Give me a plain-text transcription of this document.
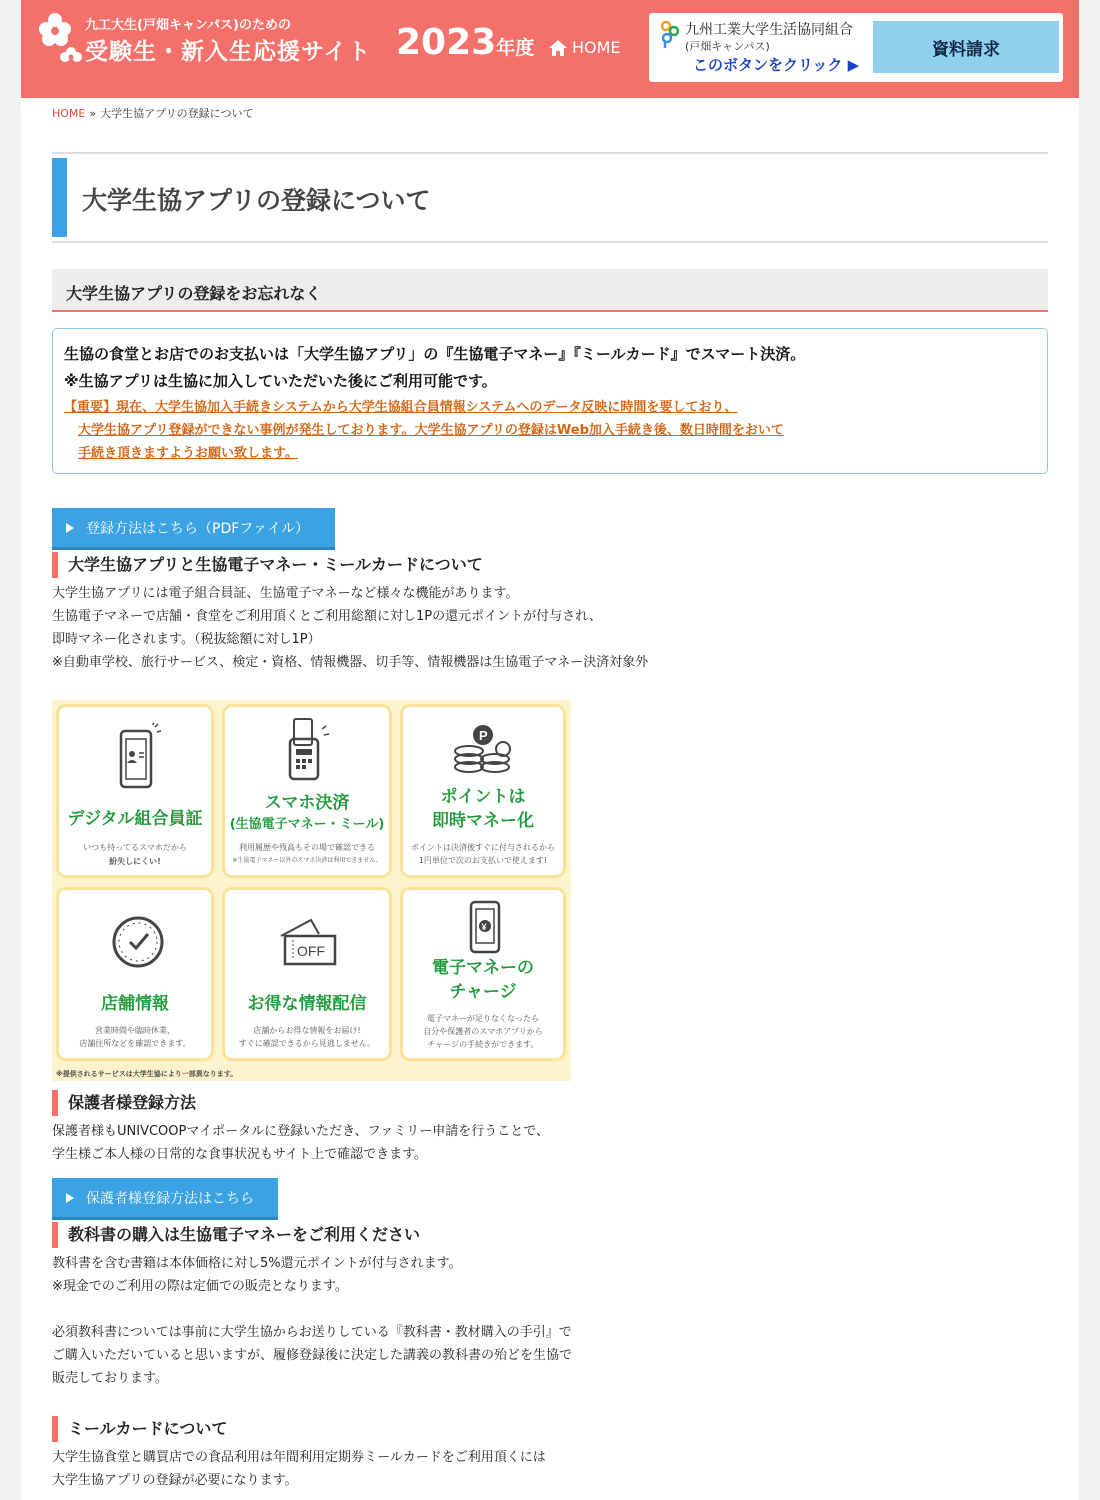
九工大生(戸畑キャンパス)のための
受験生・新入生応援サイト 2023年度 HOME
九州工業大学生活協同組合
(戸畑キャンパス)
このボタンをクリック ▶
資料請求
HOME » 大学生協アプリの登録について
大学生協アプリの登録について
大学生協アプリの登録をお忘れなく
生協の食堂とお店でのお支払いは「大学生協アプリ」の『生協電子マネー』『ミールカード』でスマート決済。
※生協アプリは生協に加入していただいた後にご利用可能です。
【重要】現在、大学生協加入手続きシステムから大学生協組合員情報システムへのデータ反映に時間を要しており、
大学生協アプリ登録ができない事例が発生しております。大学生協アプリの登録はWeb加入手続き後、数日時間をおいて
手続き頂きますようお願い致します。
登録方法はこちら（PDFファイル）
大学生協アプリと生協電子マネー・ミールカードについて
大学生協アプリには電子組合員証、生協電子マネーなど様々な機能があります。
生協電子マネーで店舗・食堂をご利用頂くとご利用総額に対し1Pの還元ポイントが付与され、
即時マネー化されます。（税抜総額に対し1P）
※自動車学校、旅行サービス、検定・資格、情報機器、切手等、情報機器は生協電子マネー決済対象外
デジタル組合員証
いつも持ってるスマホだから
紛失しにくい!
スマホ決済
(生協電子マネー・ミール)
利用履歴や残高もその場で確認できる
※生協電子マネー以外のスマホ決済は利用できません。
P
ポイントは
即時マネー化
ポイントは決済後すぐに付与されるから
1円単位で次のお支払いで使えます!
店舗情報
営業時間や臨時休業、
店舗住所などを確認できます。
OFF
お得な情報配信
店舗からお得な情報をお届け!
すぐに確認できるから見逃しません。
¥
電子マネーの
チャージ
電子マネーが足りなくなったら
自分や保護者のスマホアプリから
チャージの手続きができます。
※提供されるサービスは大学生協により一部異なります。
保護者様登録方法
保護者様もUNIVCOOPマイポータルに登録いただき、ファミリー申請を行うことで、
学生様ご本人様の日常的な食事状況もサイト上で確認できます。
保護者様登録方法はこちら
教科書の購入は生協電子マネーをご利用ください
教科書を含む書籍は本体価格に対し5%還元ポイントが付与されます。
※現金でのご利用の際は定価での販売となります。
必須教科書については事前に大学生協からお送りしている『教科書・教材購入の手引』で
ご購入いただいていると思いますが、履修登録後に決定した講義の教科書の殆どを生協で
販売しております。
ミールカードについて
大学生協食堂と購買店での食品利用は年間利用定期券ミールカードをご利用頂くには
大学生協アプリの登録が必要になります。
